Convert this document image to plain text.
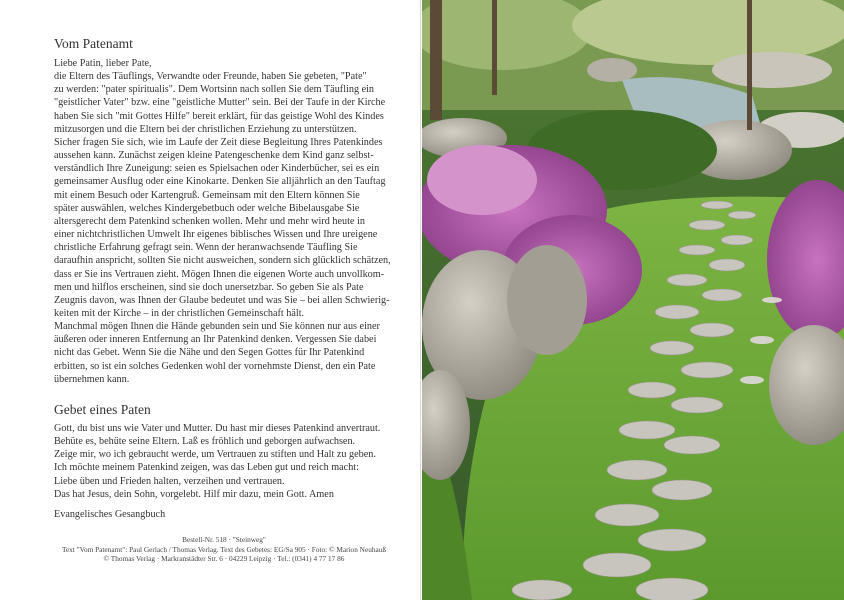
Vom Patenamt
Liebe Patin, lieber Pate,
die Eltern des Täuflings, Verwandte oder Freunde, haben Sie gebeten, "Pate"
zu werden: "pater spiritualis". Dem Wortsinn nach sollen Sie dem Täufling ein
"geistlicher Vater" bzw. eine "geistliche Mutter" sein. Bei der Taufe in der Kirche
haben Sie sich "mit Gottes Hilfe" bereit erklärt, für das geistige Wohl des Kindes
mitzusorgen und die Eltern bei der christlichen Erziehung zu unterstützen.
Sicher fragen Sie sich, wie im Laufe der Zeit diese Begleitung Ihres Patenkindes
aussehen kann. Zunächst zeigen kleine Patengeschenke dem Kind ganz selbst-
verständlich Ihre Zuneigung: seien es Spielsachen oder Kinderbücher, sei es ein
gemeinsamer Ausflug oder eine Kinokarte. Denken Sie alljährlich an den Tauftag
mit einem Besuch oder Kartengruß. Gemeinsam mit den Eltern können Sie
später auswählen, welches Kindergebetbuch oder welche Bibelausgabe Sie
altersgerecht dem Patenkind schenken wollen. Mehr und mehr wird heute in
einer nichtchristlichen Umwelt Ihr eigenes biblisches Wissen und Ihre ureigene
christliche Erfahrung gefragt sein. Wenn der heranwachsende Täufling Sie
daraufhin anspricht, sollten Sie nicht ausweichen, sondern sich glücklich schätzen,
dass er Sie ins Vertrauen zieht. Mögen Ihnen die eigenen Worte auch unvollkom-
men und hilflos erscheinen, sind sie doch unersetzbar. So geben Sie als Pate
Zeugnis davon, was Ihnen der Glaube bedeutet und was Sie – bei allen Schwierig-
keiten mit der Kirche – in der christlichen Gemeinschaft hält.
Manchmal mögen Ihnen die Hände gebunden sein und Sie können nur aus einer
äußeren oder inneren Entfernung an Ihr Patenkind denken. Vergessen Sie dabei
nicht das Gebet. Wenn Sie die Nähe und den Segen Gottes für Ihr Patenkind
erbitten, so ist ein solches Gedenken wohl der vornehmste Dienst, den ein Pate
übernehmen kann.
Gebet eines Paten
Gott, du bist uns wie Vater und Mutter. Du hast mir dieses Patenkind anvertraut.
Behüte es, behüte seine Eltern. Laß es fröhlich und geborgen aufwachsen.
Zeige mir, wo ich gebraucht werde, um Vertrauen zu stiften und Halt zu geben.
Ich möchte meinem Patenkind zeigen, was das Leben gut und reich macht:
Liebe üben und Frieden halten, verzeihen und vertrauen.
Das hat Jesus, dein Sohn, vorgelebt. Hilf mir dazu, mein Gott. Amen
Evangelisches Gesangbuch
Bestell-Nr. 518 · "Steinweg"
Text "Vom Patenamt": Paul Gerlach / Thomas Verlag. Text des Gebetes: EG/Sa 905 · Foto: © Marion Neuhauß
© Thomas Verlag · Markranstädter Str. 6 · 04229 Leipzig · Tel.: (0341) 4 77 17 86
